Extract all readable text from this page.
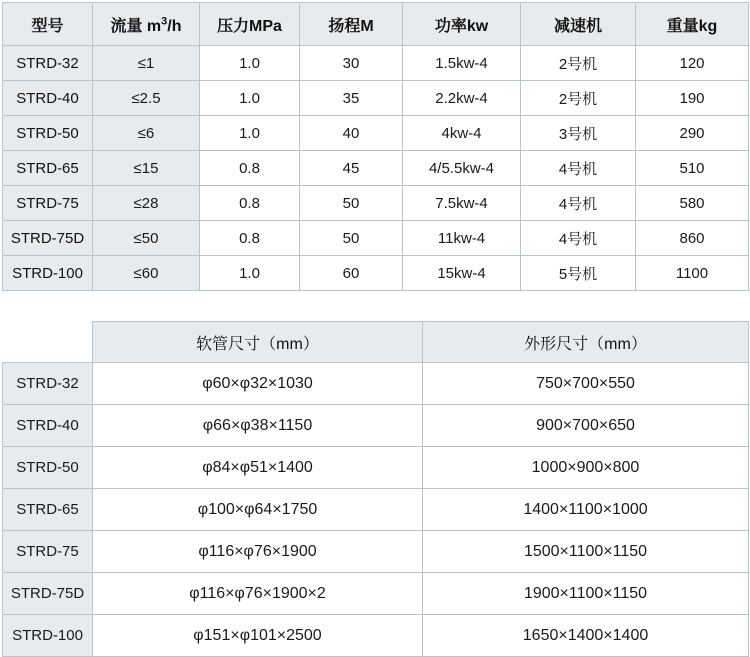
型号	流量 $m^3/h$	压力MPa	扬程M	功率kw	减速机	重量kg
STRD-32	≤1	1.0	30	1.5kw-4	2号机	120
STRD-40	≤2.5	1.0	35	2.2kw-4	2号机	190
STRD-50	≤6	1.0	40	4kw-4	3号机	290
STRD-65	≤15	0.8	45	4/5.5kw-4	4号机	510
STRD-75	≤28	0.8	50	7.5kw-4	4号机	580
STRD-75D	≤50	0.8	50	11kw-4	4号机	860
STRD-100	≤60	1.0	60	15kw-4	5号机	1100
	软管尺寸（mm）	外形尺寸（mm）
STRD-32	φ60×φ32×1030	750×700×550
STRD-40	φ66×φ38×1150	900×700×650
STRD-50	φ84×φ51×1400	1000×900×800
STRD-65	φ100×φ64×1750	1400×1100×1000
STRD-75	φ116×φ76×1900	1500×1100×1150
STRD-75D	φ116×φ76×1900×2	1900×1100×1150
STRD-100	φ151×φ101×2500	1650×1400×1400
